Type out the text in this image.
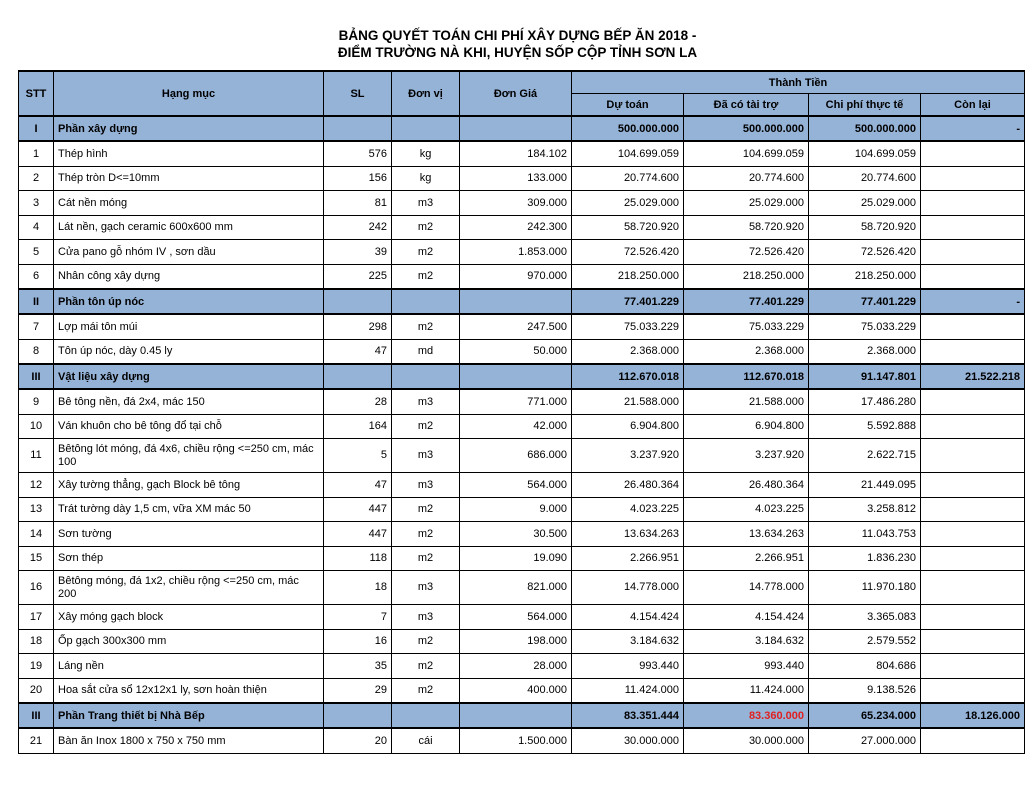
BẢNG QUYẾT TOÁN CHI PHÍ XÂY DỰNG BẾP ĂN 2018 -
ĐIỂM TRƯỜNG NÀ KHI, HUYỆN SỐP CỘP TỈNH SƠN LA
STT	Hạng mục	SL	Đơn vị	Đơn Giá	Thành Tiền			
					Dự toán	Đã có tài trợ	Chi phí thực tế	Còn lại
I	Phần xây dựng				500.000.000	500.000.000	500.000.000	-
1	Thép hình	576	kg	184.102	104.699.059	104.699.059	104.699.059	
2	Thép tròn D<=10mm	156	kg	133.000	20.774.600	20.774.600	20.774.600	
3	Cát nền móng	81	m3	309.000	25.029.000	25.029.000	25.029.000	
4	Lát nền, gạch ceramic 600x600 mm	242	m2	242.300	58.720.920	58.720.920	58.720.920	
5	Cửa pano gỗ nhóm IV , sơn dầu	39	m2	1.853.000	72.526.420	72.526.420	72.526.420	
6	Nhân công xây dựng	225	m2	970.000	218.250.000	218.250.000	218.250.000	
II	Phần tôn úp nóc				77.401.229	77.401.229	77.401.229	-
7	Lợp mái tôn múi	298	m2	247.500	75.033.229	75.033.229	75.033.229	
8	Tôn úp nóc, dày 0.45 ly	47	md	50.000	2.368.000	2.368.000	2.368.000	
III	Vật liệu xây dựng				112.670.018	112.670.018	91.147.801	21.522.218
9	Bê tông nền, đá 2x4, mác 150	28	m3	771.000	21.588.000	21.588.000	17.486.280	
10	Ván khuôn cho bê tông đổ tại chỗ	164	m2	42.000	6.904.800	6.904.800	5.592.888	
11	Bêtông lót móng, đá 4x6, chiều rộng <=250 cm, mác 100	5	m3	686.000	3.237.920	3.237.920	2.622.715	
12	Xây tường thẳng, gạch Block bê tông	47	m3	564.000	26.480.364	26.480.364	21.449.095	
13	Trát tường dày 1,5 cm, vữa XM mác 50	447	m2	9.000	4.023.225	4.023.225	3.258.812	
14	Sơn tường	447	m2	30.500	13.634.263	13.634.263	11.043.753	
15	Sơn thép	118	m2	19.090	2.266.951	2.266.951	1.836.230	
16	Bêtông móng, đá 1x2, chiều rộng <=250 cm, mác 200	18	m3	821.000	14.778.000	14.778.000	11.970.180	
17	Xây móng gạch block	7	m3	564.000	4.154.424	4.154.424	3.365.083	
18	Ốp gạch 300x300 mm	16	m2	198.000	3.184.632	3.184.632	2.579.552	
19	Láng nền	35	m2	28.000	993.440	993.440	804.686	
20	Hoa sắt cửa sổ 12x12x1 ly, sơn hoàn thiện	29	m2	400.000	11.424.000	11.424.000	9.138.526	
III	Phần Trang thiết bị Nhà Bếp				83.351.444	83.360.000	65.234.000	18.126.000
21	Bàn ăn Inox 1800 x 750 x 750 mm	20	cái	1.500.000	30.000.000	30.000.000	27.000.000	
